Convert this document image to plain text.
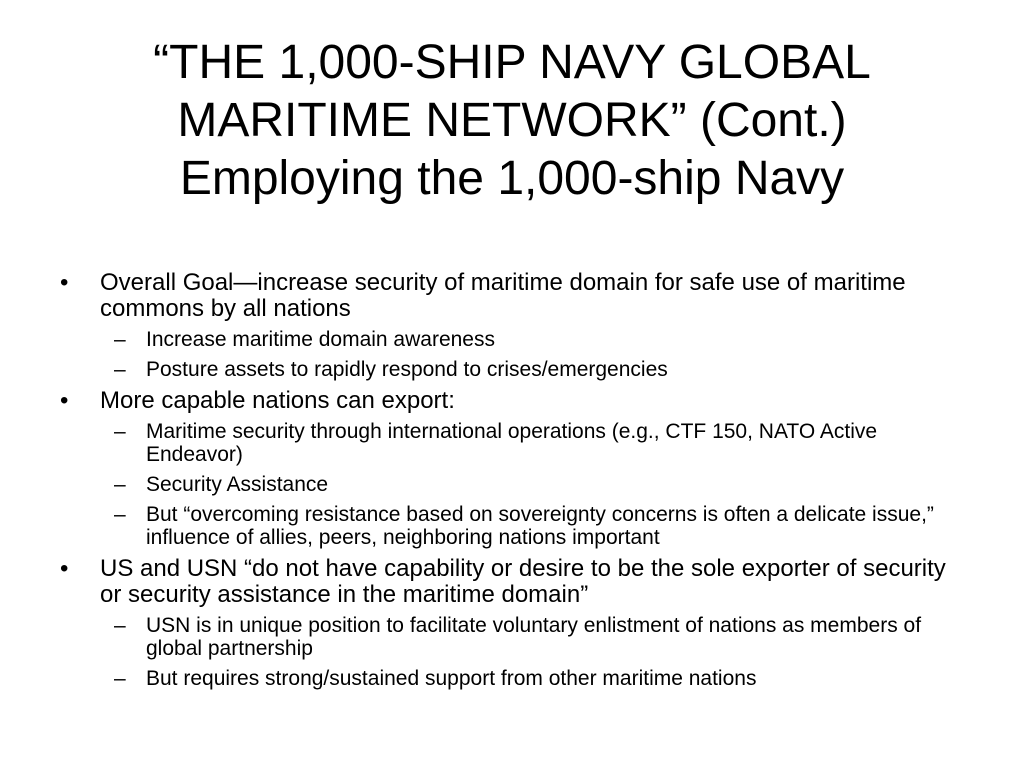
“THE 1,000-SHIP NAVY GLOBAL
MARITIME NETWORK” (Cont.)
Employing the 1,000-ship Navy
• Overall Goal—increase security of maritime domain for safe use of maritime commons by all nations
– Increase maritime domain awareness
– Posture assets to rapidly respond to crises/emergencies
• More capable nations can export:
– Maritime security through international operations (e.g., CTF 150, NATO Active Endeavor)
– Security Assistance
– But “overcoming resistance based on sovereignty concerns is often a delicate issue,” influence of allies, peers, neighboring nations important
• US and USN “do not have capability or desire to be the sole exporter of security or security assistance in the maritime domain”
– USN is in unique position to facilitate voluntary enlistment of nations as members of global partnership
– But requires strong/sustained support from other maritime nations
